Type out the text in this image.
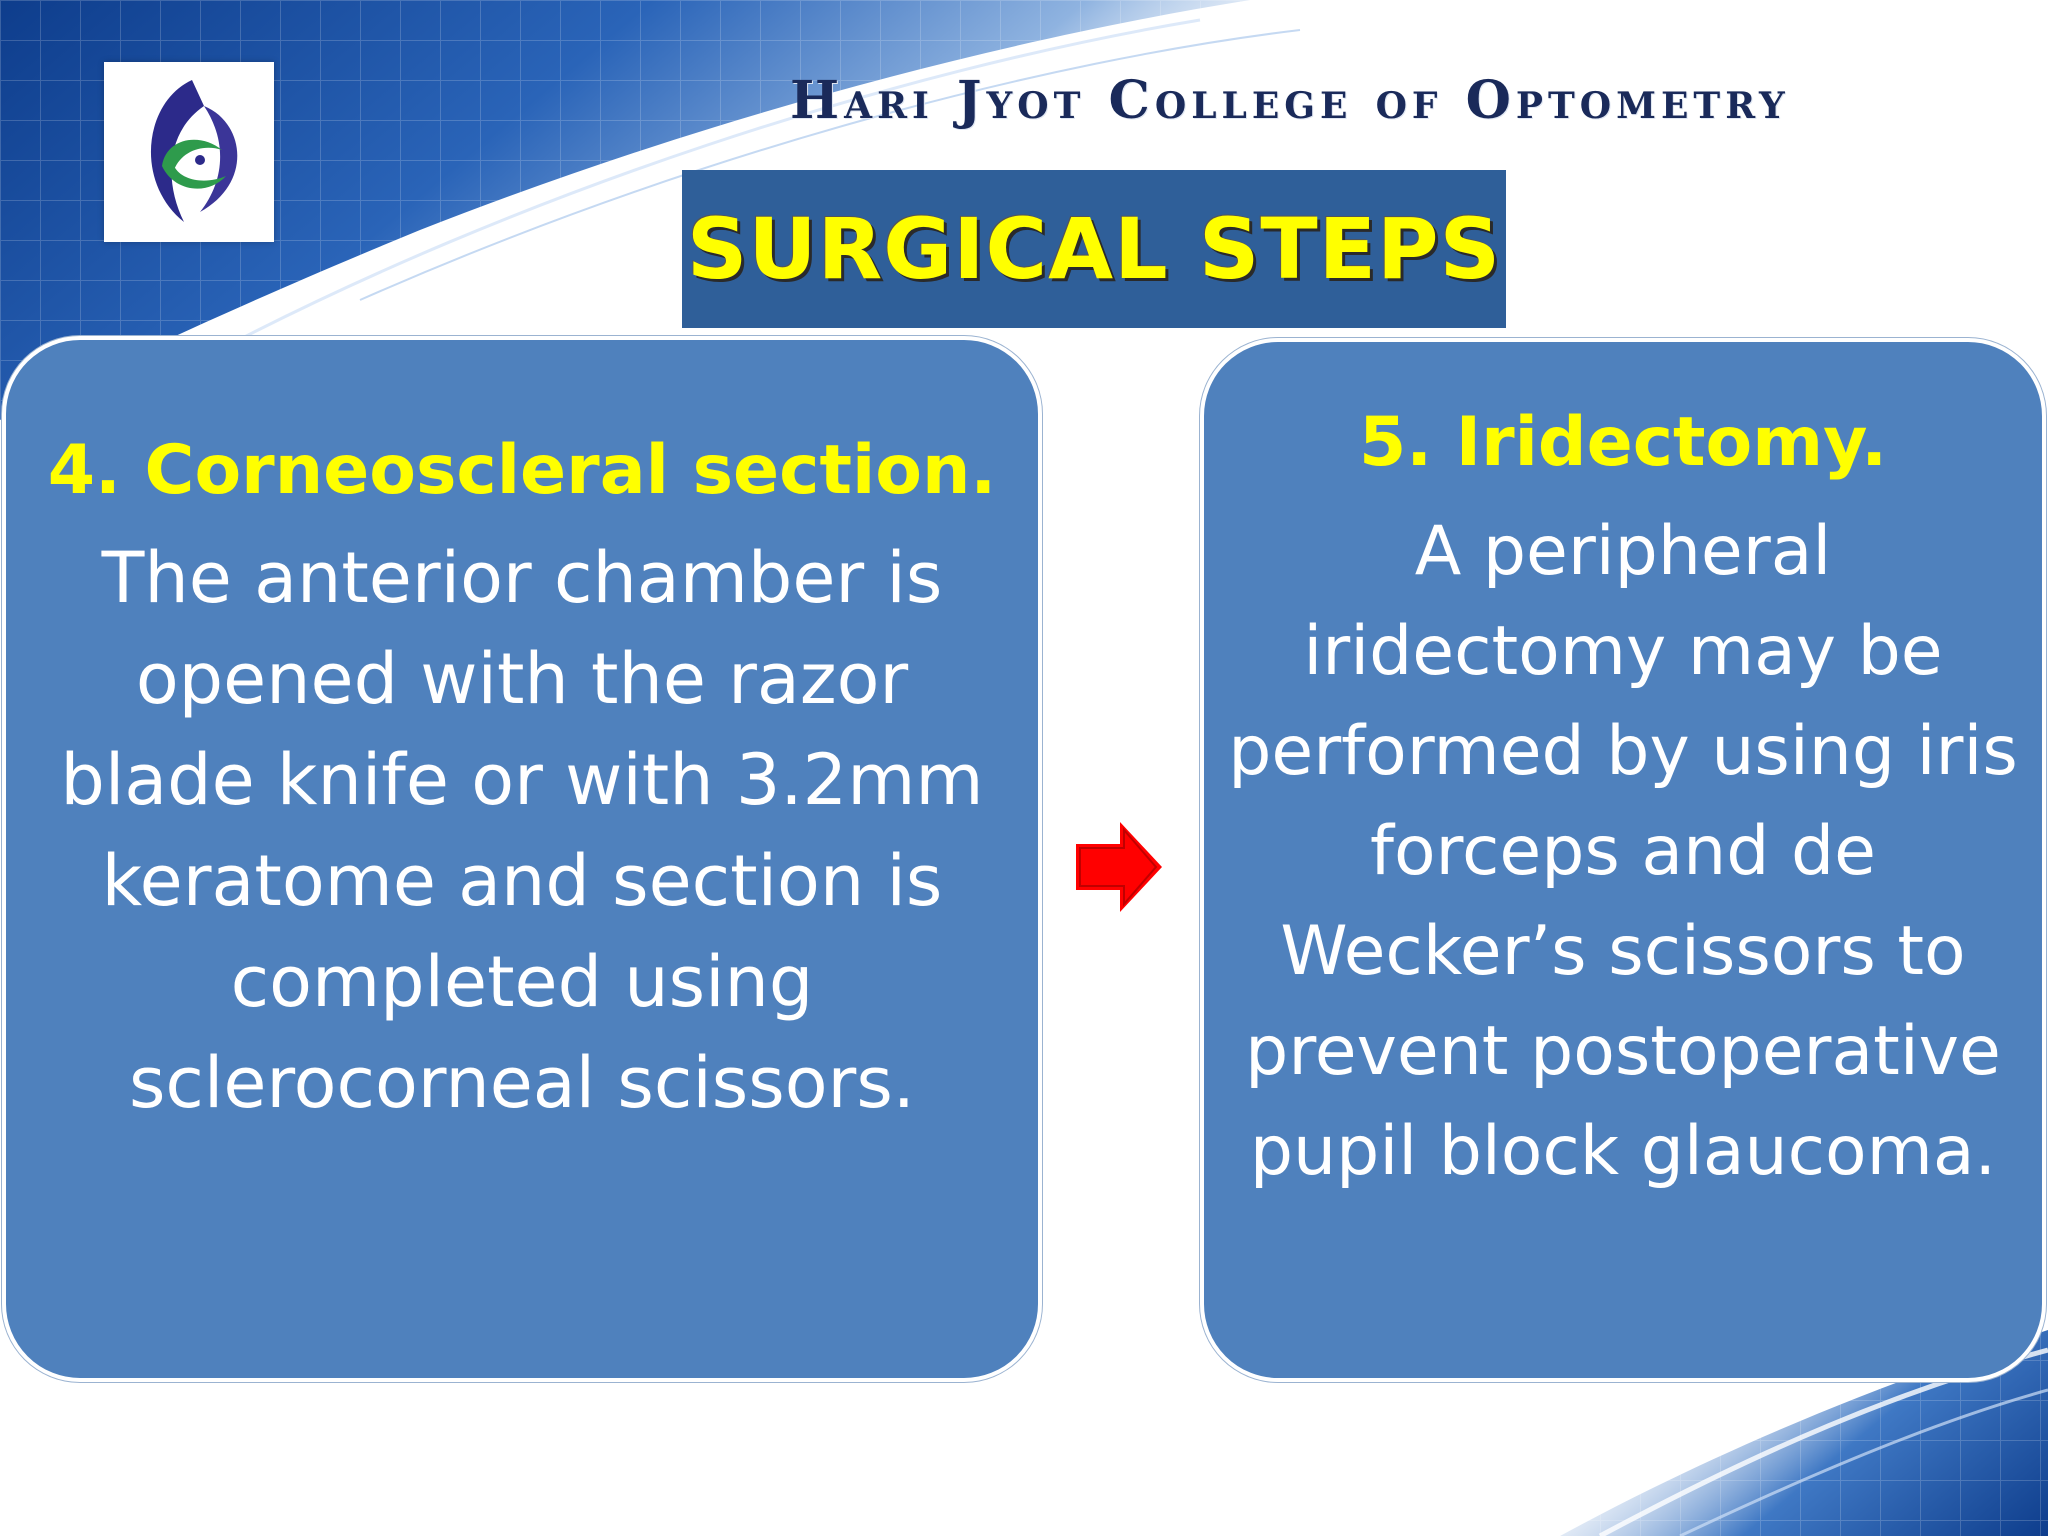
Hari Jyot College of Optometry
SURGICAL STEPS
4. Corneoscleral section.
The anterior chamber is opened with the razor blade knife or with 3.2mm keratome and section is completed using sclerocorneal scissors.
5. Iridectomy.
A peripheral iridectomy may be performed by using iris forceps and de Wecker’s scissors to prevent postoperative pupil block glaucoma.
